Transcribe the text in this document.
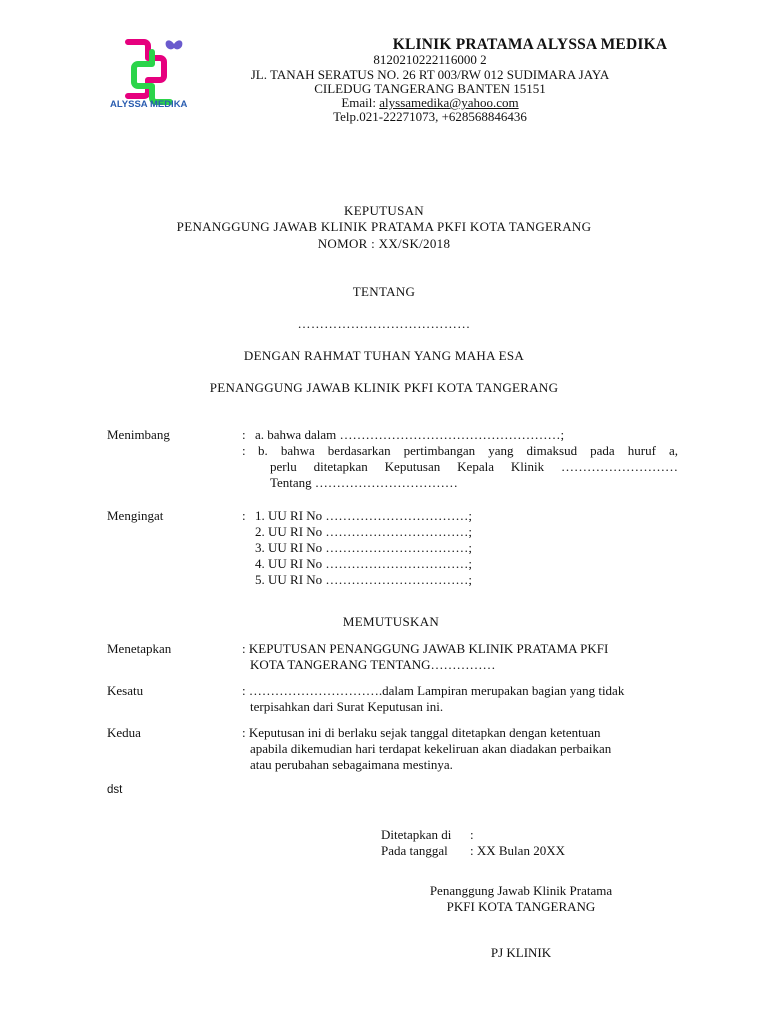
ALYSSA MEDIKA
KLINIK PRATAMA ALYSSA MEDIKA
8120210222116000 2
JL. TANAH SERATUS NO. 26 RT 003/RW 012 SUDIMARA JAYA
CILEDUG TANGERANG BANTEN 15151
Email: alyssamedika@yahoo.com
Telp.021-22271073, +628568846436
KEPUTUSAN
PENANGGUNG JAWAB KLINIK PRATAMA PKFI KOTA TANGERANG
NOMOR : XX/SK/2018
TENTANG
…………………………………
DENGAN RAHMAT TUHAN YANG MAHA ESA
PENANGGUNG JAWAB KLINIK PKFI KOTA TANGERANG
Menimbang	: a. bahwa dalam ……………………………………………;
: b. bahwa berdasarkan pertimbangan yang dimaksud pada huruf a,
perlu ditetapkan Keputusan Kepala Klinik ………………………
Tentang ……………………………
Mengingat	: 1. UU RI No ……………………………;
2. UU RI No ……………………………;
3. UU RI No ……………………………;
4. UU RI No ……………………………;
5. UU RI No ……………………………;
MEMUTUSKAN
Menetapkan	: KEPUTUSAN PENANGGUNG JAWAB KLINIK PRATAMA PKFI
KOTA TANGERANG TENTANG……………
Kesatu	: ………………………….dalam Lampiran merupakan bagian yang tidak
terpisahkan dari Surat Keputusan ini.
Kedua	: Keputusan ini di berlaku sejak tanggal ditetapkan dengan ketentuan
apabila dikemudian hari terdapat kekeliruan akan diadakan perbaikan
atau perubahan sebagaimana mestinya.
dst
Ditetapkan di :
Pada tanggal : XX Bulan 20XX
Penanggung Jawab Klinik Pratama
PKFI KOTA TANGERANG
PJ KLINIK
